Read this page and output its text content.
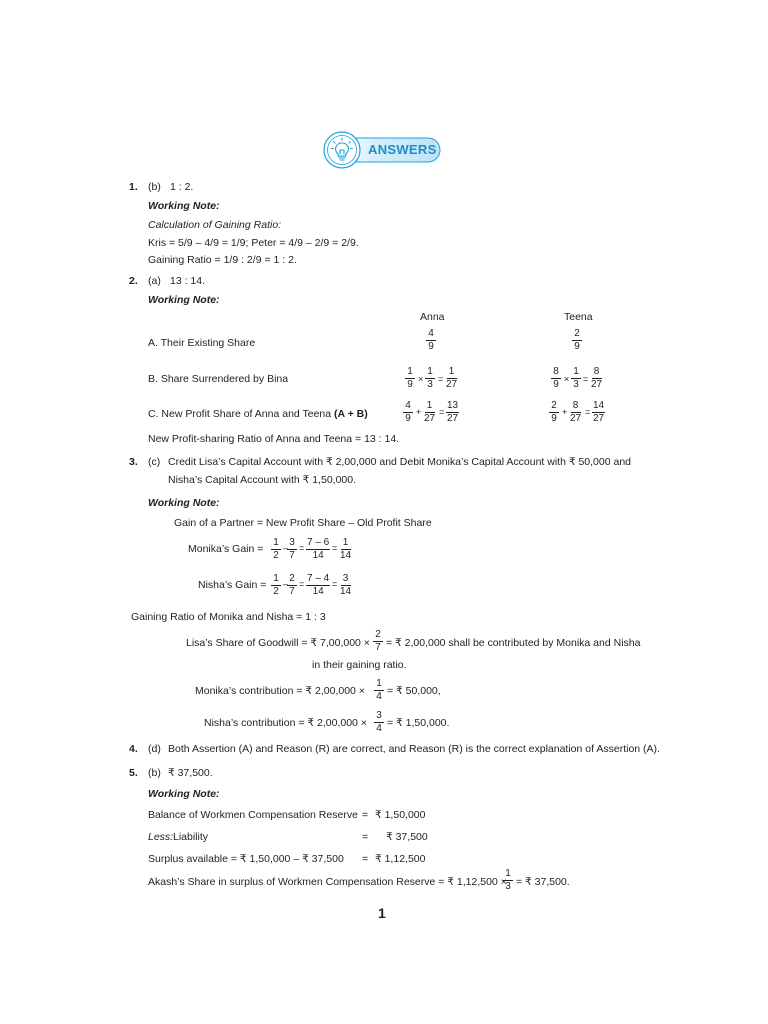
ANSWERS
1. (b) 1 : 2.
Working Note:
Calculation of Gaining Ratio:
Kris = 5/9 – 4/9 = 1/9; Peter = 4/9 – 2/9 = 2/9.
Gaining Ratio = 1/9 : 2/9 = 1 : 2.
2. (a) 13 : 14.
Working Note:
Anna	Teena
A. Their Existing Share	$\frac{4}{9}$	$\frac{2}{9}$
B. Share Surrendered by Bina	$\frac{1}{9} \times \frac{1}{3} = \frac{1}{27}$	$\frac{8}{9} \times \frac{1}{3} = \frac{8}{27}$
C. New Profit Share of Anna and Teena (A + B)	$\frac{4}{9} + \frac{1}{27} = \frac{13}{27}$	$\frac{2}{9} + \frac{8}{27} = \frac{14}{27}$
New Profit-sharing Ratio of Anna and Teena = 13 : 14.
3. (c) Credit Lisa’s Capital Account with ₹ 2,00,000 and Debit Monika’s Capital Account with ₹ 50,000 and
Nisha’s Capital Account with ₹ 1,50,000.
Working Note:
Gain of a Partner = New Profit Share – Old Profit Share
Monika’s Gain = $\frac{1}{2}$ –
$\frac{3}{7} = \frac{7 - 6}{14} = \frac{1}{14}$
Nisha’s Gain = $\frac{1}{2}$ –
$\frac{2}{7} = \frac{7 - 4}{14} = \frac{3}{14}$
Gaining Ratio of Monika and Nisha = 1 : 3
Lisa’s Share of Goodwill = ₹ $7,00,000 \times \frac{2}{7}$ = ₹ 2,00,000 shall be contributed by Monika and Nisha
in their gaining ratio.
Monika’s contribution = ₹ $2,00,000 \times \frac{1}{4}$ = ₹ 50,000,
Nisha’s contribution = ₹ $2,00,000 \times \frac{3}{4}$ = ₹ 1,50,000.
4. (d) Both Assertion (A) and Reason (R) are correct, and Reason (R) is the correct explanation of Assertion (A).
5. (b) ₹ 37,500.
Working Note:
Balance of Workmen Compensation Reserve = ₹ 1,50,000
Less: Liability	= ₹ 37,500
Surplus available = ₹ 1,50,000 – ₹ 37,500 = ₹ 1,12,500
Akash’s Share in surplus of Workmen Compensation Reserve = ₹ 1,12,500 ×
$\frac{1}{3}$ = ₹ 37,500.
1
